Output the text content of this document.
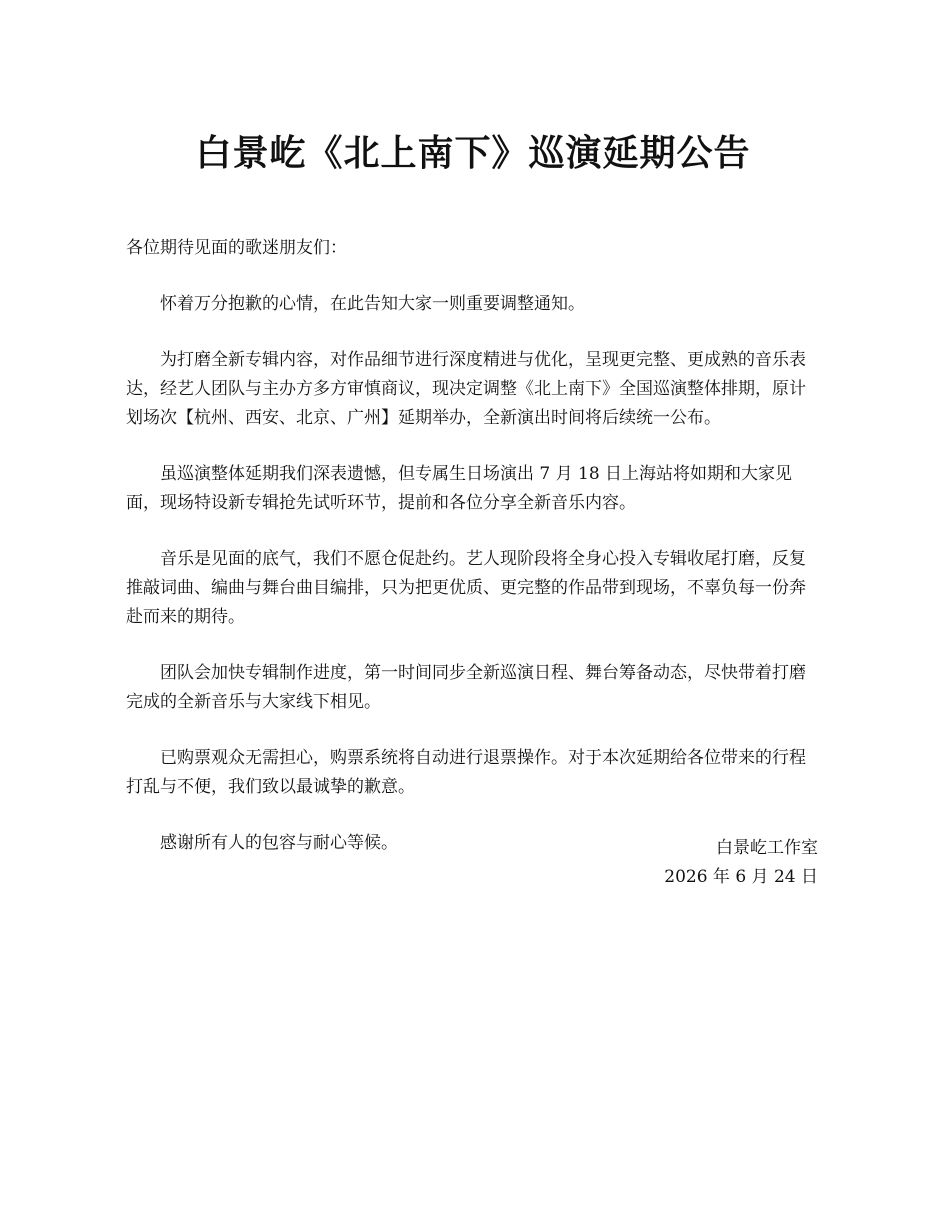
白景屹《北上南下》巡演延期公告

各位期待见面的歌迷朋友们：

怀着万分抱歉的心情，在此告知大家一则重要调整通知。

为打磨全新专辑内容，对作品细节进行深度精进与优化，呈现更完整、更成熟的音乐表达，经艺人团队与主办方多方审慎商议，现决定调整《北上南下》全国巡演整体排期，原计划场次【杭州、西安、北京、广州】延期举办，全新演出时间将后续统一公布。

虽巡演整体延期我们深表遗憾，但专属生日场演出 7 月 18 日上海站将如期和大家见面，现场特设新专辑抢先试听环节，提前和各位分享全新音乐内容。

音乐是见面的底气，我们不愿仓促赴约。艺人现阶段将全身心投入专辑收尾打磨，反复推敲词曲、编曲与舞台曲目编排，只为把更优质、更完整的作品带到现场，不辜负每一份奔赴而来的期待。

团队会加快专辑制作进度，第一时间同步全新巡演日程、舞台筹备动态，尽快带着打磨完成的全新音乐与大家线下相见。

已购票观众无需担心，购票系统将自动进行退票操作。对于本次延期给各位带来的行程打乱与不便，我们致以最诚挚的歉意。

感谢所有人的包容与耐心等候。	白景屹工作室
2026 年 6 月 24 日
